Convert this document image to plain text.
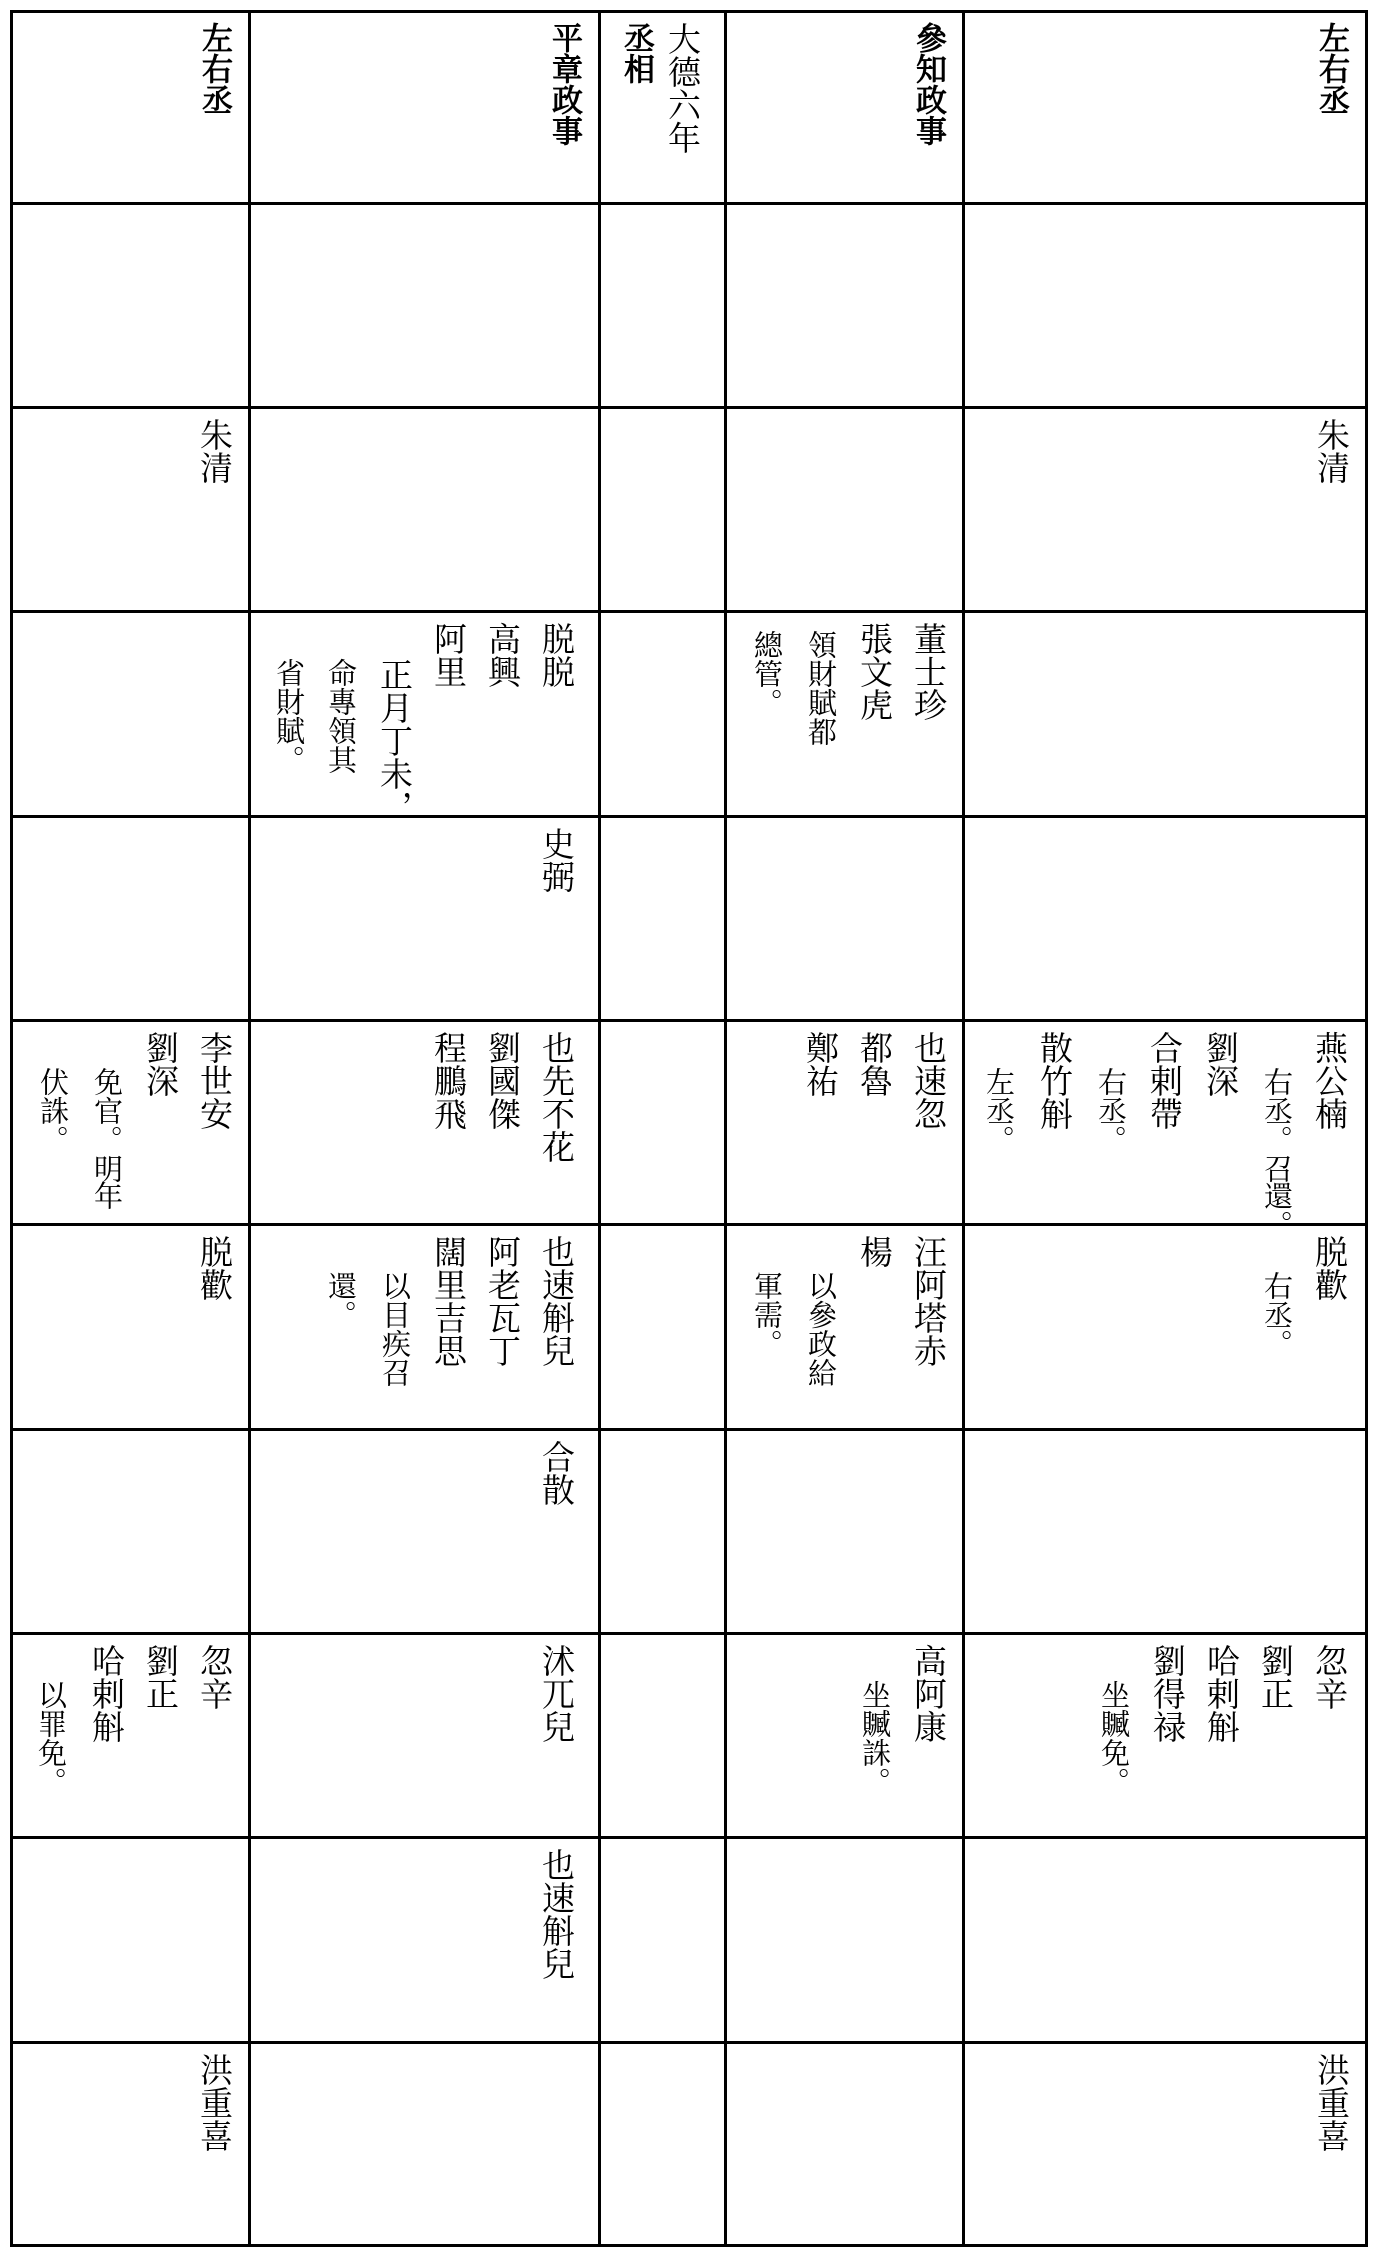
左右丞
參知政事
大德六年
丞相
平章政事
左右丞
朱清
朱清
董士珍
張文虎
領財賦都
總管。
脱脱
高興
阿里
正月丁未，
命專領其
省財賦。
史弼
燕公楠
右丞。召
還。
劉深
合剌帶
右丞。
散竹斛
左丞。
也速忽
都魯
鄭祐
也先不花
劉國傑
程鵬飛
李世安
劉深
免官。明
年
伏誅。
脱歡
右丞。
汪阿塔赤
楊
以參政給
軍需。
也速斛兒
阿老瓦丁
闊里吉思
以目疾召
還。
脱歡
合散
忽辛
劉正
哈剌斛
劉得禄
坐贓免。
高阿康
坐贓誅。
沭兀兒
忽辛
劉正
哈剌斛
以罪免。
也速斛兒
洪重喜
洪重喜
